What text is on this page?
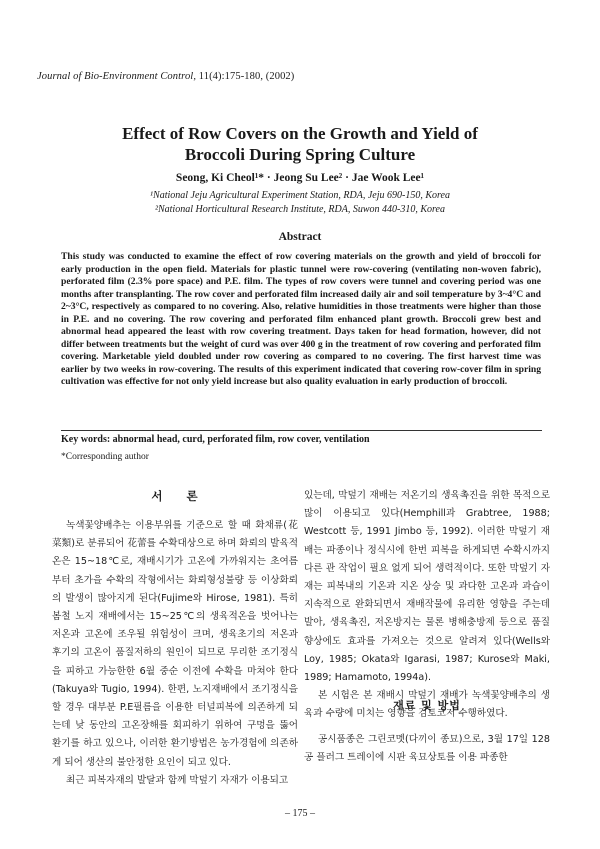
Journal of Bio-Environment Control, 11(4):175-180, (2002)
Effect of Row Covers on the Growth and Yield of
Broccoli During Spring Culture
Seong, Ki Cheol¹* · Jeong Su Lee² · Jae Wook Lee¹
¹National Jeju Agricultural Experiment Station, RDA, Jeju 690-150, Korea
²National Horticultural Research Institute, RDA, Suwon 440-310, Korea
Abstract
This study was conducted to examine the effect of row covering materials on the growth and yield of broccoli for early production in the open field. Materials for plastic tunnel were row-covering (ventilating non-woven fabric), perforated film (2.3% pore space) and P.E. film. The types of row covers were tunnel and covering period was one months after transplanting. The row cover and perforated film increased daily air and soil temperature by 3~4°C and 2~3°C, respectively as compared to no covering. Also, relative humidities in those treatments were higher than those in P.E. and no covering. The row covering and perforated film enhanced plant growth. Broccoli grew best and abnormal head appeared the least with row covering treatment. Days taken for head formation, however, did not differ between treatments but the weight of curd was over 400 g in the treatment of row covering and perforated film covering. Marketable yield doubled under row covering as compared to no covering. The first harvest time was earlier by two weeks in row-covering. The results of this experiment indicated that covering row-cover film in spring cultivation was effective for not only yield increase but also quality evaluation in early production of broccoli.
Key words: abnormal head, curd, perforated film, row cover, ventilation
*Corresponding author
서 론

녹색꽃양배추는 이용부위를 기준으로 할 때 화채류(花菜類)로 분류되어 花蕾를 수확대상으로 하며 화뢰의 발육적온은 15~18℃로, 재배시기가 고온에 가까워지는 초여름부터 초가을 수확의 작형에서는 화뢰형성불량 등 이상화뢰의 발생이 많아지게 된다(Fujime와 Hirose, 1981). 특히 봄철 노지 재배에서는 15~25℃의 생육적온을 벗어나는 저온과 고온에 조우될 위험성이 크며, 생육초기의 저온과 후기의 고온이 품질저하의 원인이 되므로 무리한 조기정식을 피하고 가능한한 6월 중순 이전에 수확을 마쳐야 한다(Takuya와 Tugio, 1994). 한편, 노지재배에서 조기정식을 할 경우 대부분 P.E필름을 이용한 터널피복에 의존하게 되는데 낮 동안의 고온장해를 회피하기 위하여 구멍을 뚫어 환기를 하고 있으나, 이러한 환기방법은 농가경험에 의존하게 되어 생산의 불안정한 요인이 되고 있다.

최근 피복자재의 발달과 함께 막덮기 자재가 이용되고

있는데, 막덮기 재배는 저온기의 생육촉진을 위한 목적으로 많이 이용되고 있다(Hemphill과 Grabtree, 1988; Westcott 등, 1991 Jimbo 등, 1992). 이러한 막덮기 재배는 파종이나 정식시에 한번 피복을 하게되면 수확시까지 다른 관 작업이 필요 없게 되어 생력적이다. 또한 막덮기 자재는 피복내의 기온과 지온 상승 및 과다한 고온과 과습이 지속적으로 완화되면서 재배작물에 유리한 영향을 주는데 발아, 생육촉진, 저온방지는 물론 병해충방제 등으로 품질향상에도 효과를 가져오는 것으로 알려져 있다(Wells와 Loy, 1985; Okata와 Igarasi, 1987; Kurose와 Maki, 1989; Hamamoto, 1994a).

본 시험은 본 재배시 막덮기 재배가 녹색꽃양배추의 생육과 수량에 미치는 영향을 검토코저 수행하였다.

재료 및 방법

공시품종은 그린코멧(다끼이 종묘)으로, 3월 17일 128공 플러그 트레이에 시판 육묘상토를 이용 파종한

– 175 –
